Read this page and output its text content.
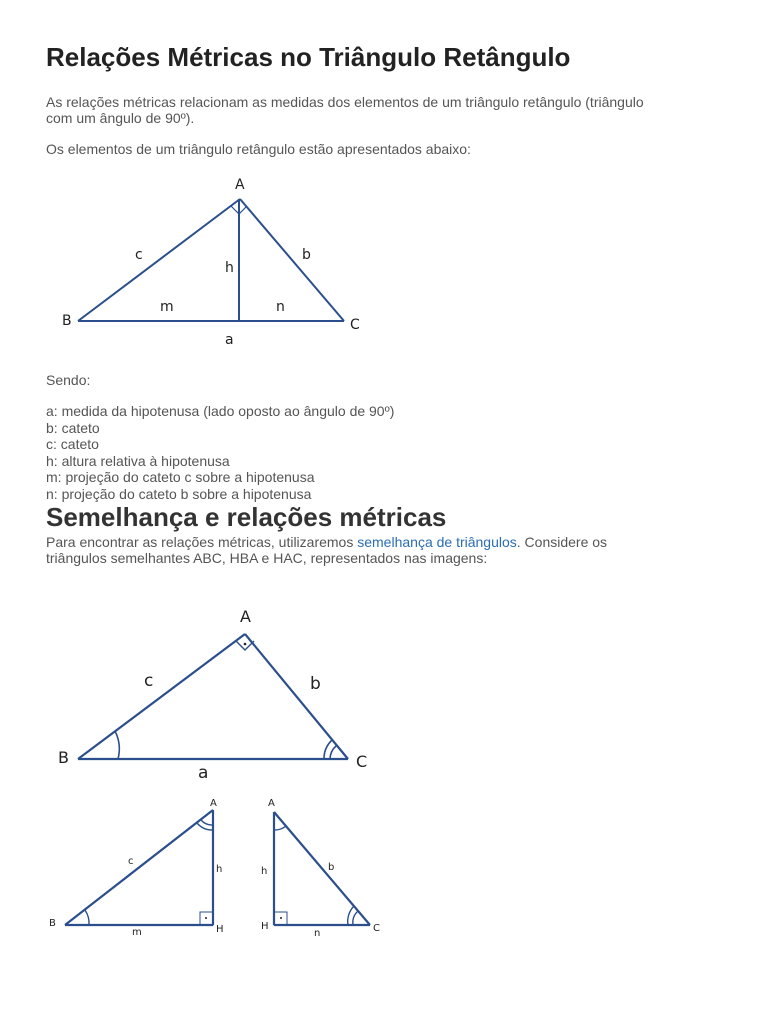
Relações Métricas no Triângulo Retângulo

As relações métricas relacionam as medidas dos elementos de um triângulo retângulo (triângulo

com um ângulo de 90º).

Os elementos de um triângulo retângulo estão apresentados abaixo:

A
B	C
c	b
h
m	n
a

Sendo:

a: medida da hipotenusa (lado oposto ao ângulo de 90º)
b: cateto
c: cateto
h: altura relativa à hipotenusa
m: projeção do cateto c sobre a hipotenusa
n: projeção do cateto b sobre a hipotenusa
Semelhança e relações métricas

Para encontrar as relações métricas, utilizaremos semelhança de triângulos. Considere os

triângulos semelhantes ABC, HBA e HAC, representados nas imagens:

A
B	C
c	b
a
A
B
H
c
h
m
A
H	C
h	b
n
